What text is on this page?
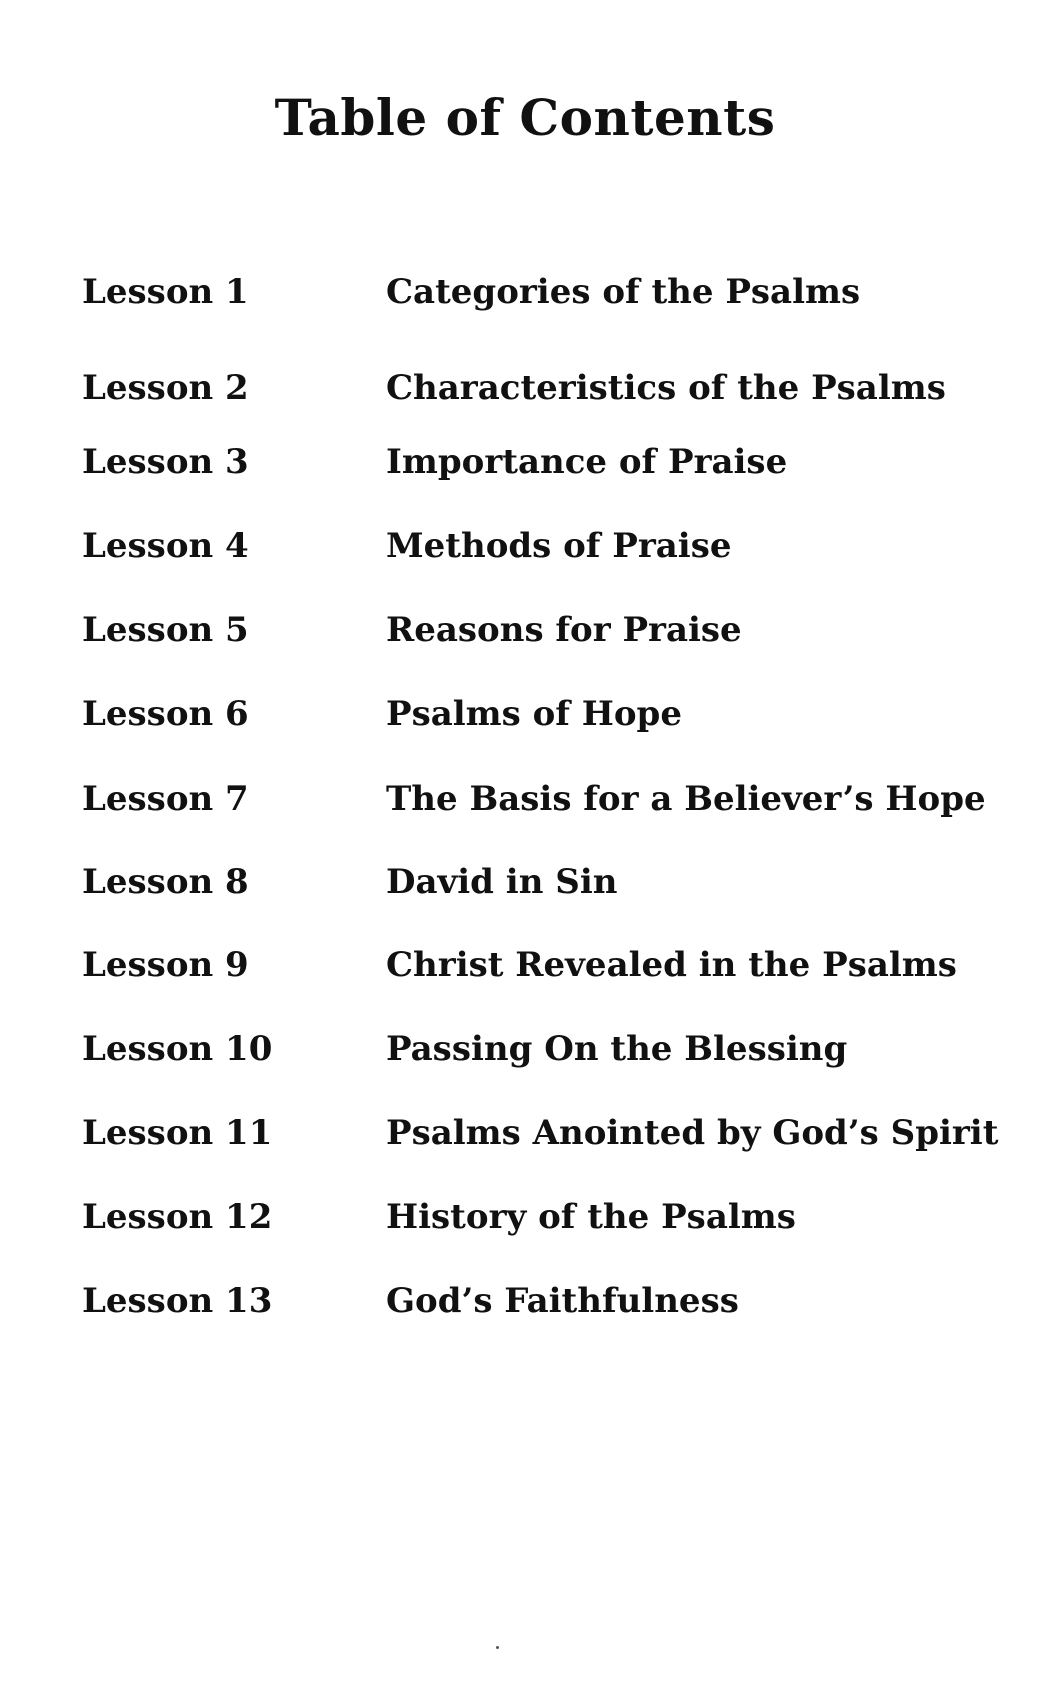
Table of Contents
Lesson 1	Categories of the Psalms
Lesson 2	Characteristics of the Psalms
Lesson 3	Importance of Praise
Lesson 4	Methods of Praise
Lesson 5	Reasons for Praise
Lesson 6	Psalms of Hope
Lesson 7	The Basis for a Believer’s Hope
Lesson 8	David in Sin
Lesson 9	Christ Revealed in the Psalms
Lesson 10	Passing On the Blessing
Lesson 11	Psalms Anointed by God’s Spirit
Lesson 12	History of the Psalms
Lesson 13	God’s Faithfulness
